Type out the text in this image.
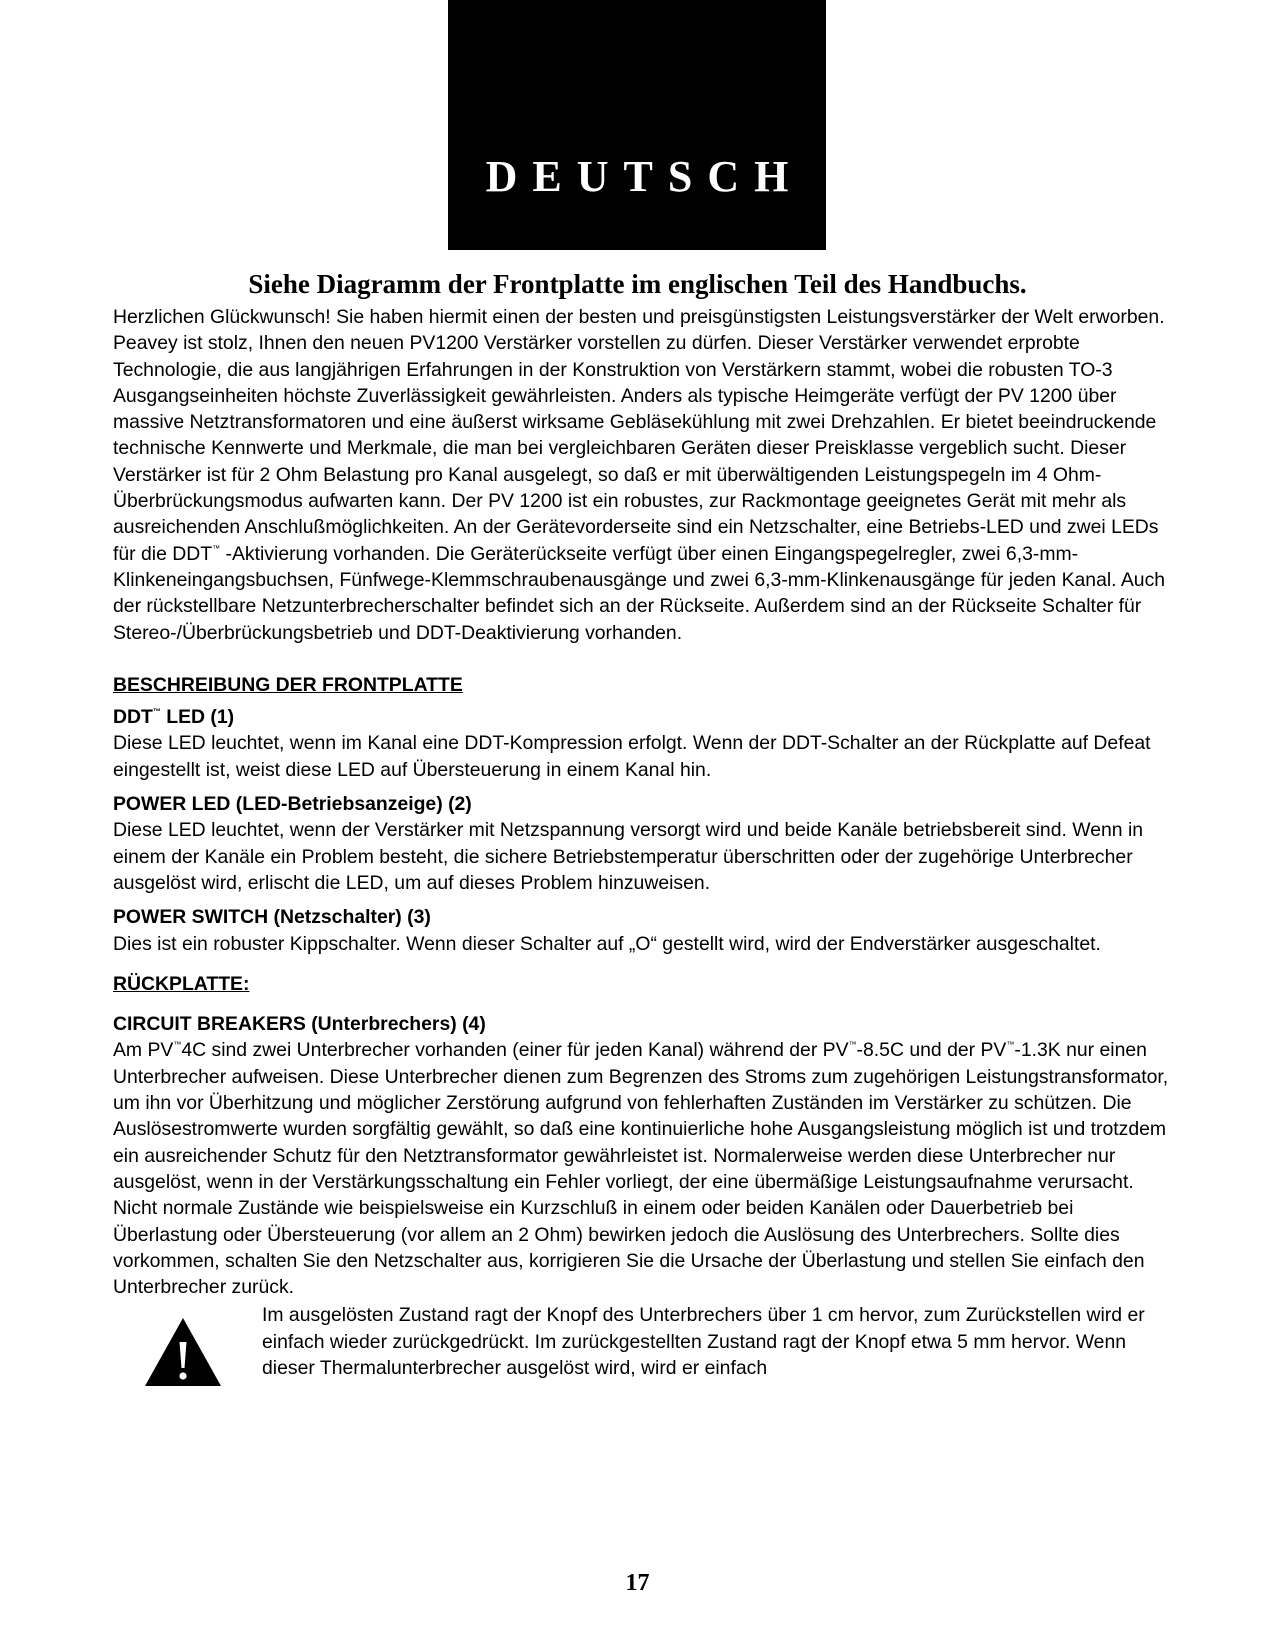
DEUTSCH
Siehe Diagramm der Frontplatte im englischen Teil des Handbuchs.

Herzlichen Glückwunsch! Sie haben hiermit einen der besten und preisgünstigsten Leistungsverstärker der Welt erworben. Peavey ist stolz, Ihnen den neuen PV1200 Verstärker vorstellen zu dürfen. Dieser Verstärker verwendet erprobte Technologie, die aus langjährigen Erfahrungen in der Konstruktion von Verstärkern stammt, wobei die robusten TO-3 Ausgangseinheiten höchste Zuverlässigkeit gewährleisten. Anders als typische Heimgeräte verfügt der PV 1200 über massive Netztransformatoren und eine äußerst wirksame Gebläsekühlung mit zwei Drehzahlen. Er bietet beeindruckende technische Kennwerte und Merkmale, die man bei vergleichbaren Geräten dieser Preisklasse vergeblich sucht. Dieser Verstärker ist für 2 Ohm Belastung pro Kanal ausgelegt, so daß er mit überwältigenden Leistungspegeln im 4 Ohm-Überbrückungsmodus aufwarten kann. Der PV 1200 ist ein robustes, zur Rackmontage geeignetes Gerät mit mehr als ausreichenden Anschlußmöglichkeiten. An der Gerätevorderseite sind ein Netzschalter, eine Betriebs-LED und zwei LEDs für die DDT™ -Aktivierung vorhanden. Die Geräterückseite verfügt über einen Eingangspegelregler, zwei 6,3-mm-Klinkeneingangsbuchsen, Fünfwege-Klemmschraubenausgänge und zwei 6,3-mm-Klinkenausgänge für jeden Kanal. Auch der rückstellbare Netzunterbrecherschalter befindet sich an der Rückseite. Außerdem sind an der Rückseite Schalter für Stereo-/Überbrückungsbetrieb und DDT-Deaktivierung vorhanden.

BESCHREIBUNG DER FRONTPLATTE

DDT™ LED (1)

Diese LED leuchtet, wenn im Kanal eine DDT-Kompression erfolgt. Wenn der DDT-Schalter an der Rückplatte auf Defeat eingestellt ist, weist diese LED auf Übersteuerung in einem Kanal hin.

POWER LED (LED-Betriebsanzeige) (2)

Diese LED leuchtet, wenn der Verstärker mit Netzspannung versorgt wird und beide Kanäle betriebsbereit sind. Wenn in einem der Kanäle ein Problem besteht, die sichere Betriebstemperatur überschritten oder der zugehörige Unterbrecher ausgelöst wird, erlischt die LED, um auf dieses Problem hinzuweisen.

POWER SWITCH (Netzschalter) (3)

Dies ist ein robuster Kippschalter. Wenn dieser Schalter auf „O“ gestellt wird, wird der Endverstärker ausgeschaltet.

RÜCKPLATTE:

CIRCUIT BREAKERS (Unterbrechers) (4)

Am PV™4C sind zwei Unterbrecher vorhanden (einer für jeden Kanal) während der PV™-8.5C und der PV™-1.3K nur einen Unterbrecher aufweisen. Diese Unterbrecher dienen zum Begrenzen des Stroms zum zugehörigen Leistungstransformator, um ihn vor Überhitzung und möglicher Zerstörung aufgrund von fehlerhaften Zuständen im Verstärker zu schützen. Die Auslösestromwerte wurden sorgfältig gewählt, so daß eine kontinuierliche hohe Ausgangsleistung möglich ist und trotzdem ein ausreichender Schutz für den Netztransformator gewährleistet ist. Normalerweise werden diese Unterbrecher nur ausgelöst, wenn in der Verstärkungsschaltung ein Fehler vorliegt, der eine übermäßige Leistungsaufnahme verursacht. Nicht normale Zustände wie beispielsweise ein Kurzschluß in einem oder beiden Kanälen oder Dauerbetrieb bei Überlastung oder Übersteuerung (vor allem an 2 Ohm) bewirken jedoch die Auslösung des Unterbrechers. Sollte dies vorkommen, schalten Sie den Netzschalter aus, korrigieren Sie die Ursache der Überlastung und stellen Sie einfach den Unterbrecher zurück.

Im ausgelösten Zustand ragt der Knopf des Unterbrechers über 1 cm hervor, zum Zurückstellen wird er einfach wieder zurückgedrückt. Im zurückgestellten Zustand ragt der Knopf etwa 5 mm hervor. Wenn dieser Thermalunterbrecher ausgelöst wird, wird er einfach

17
